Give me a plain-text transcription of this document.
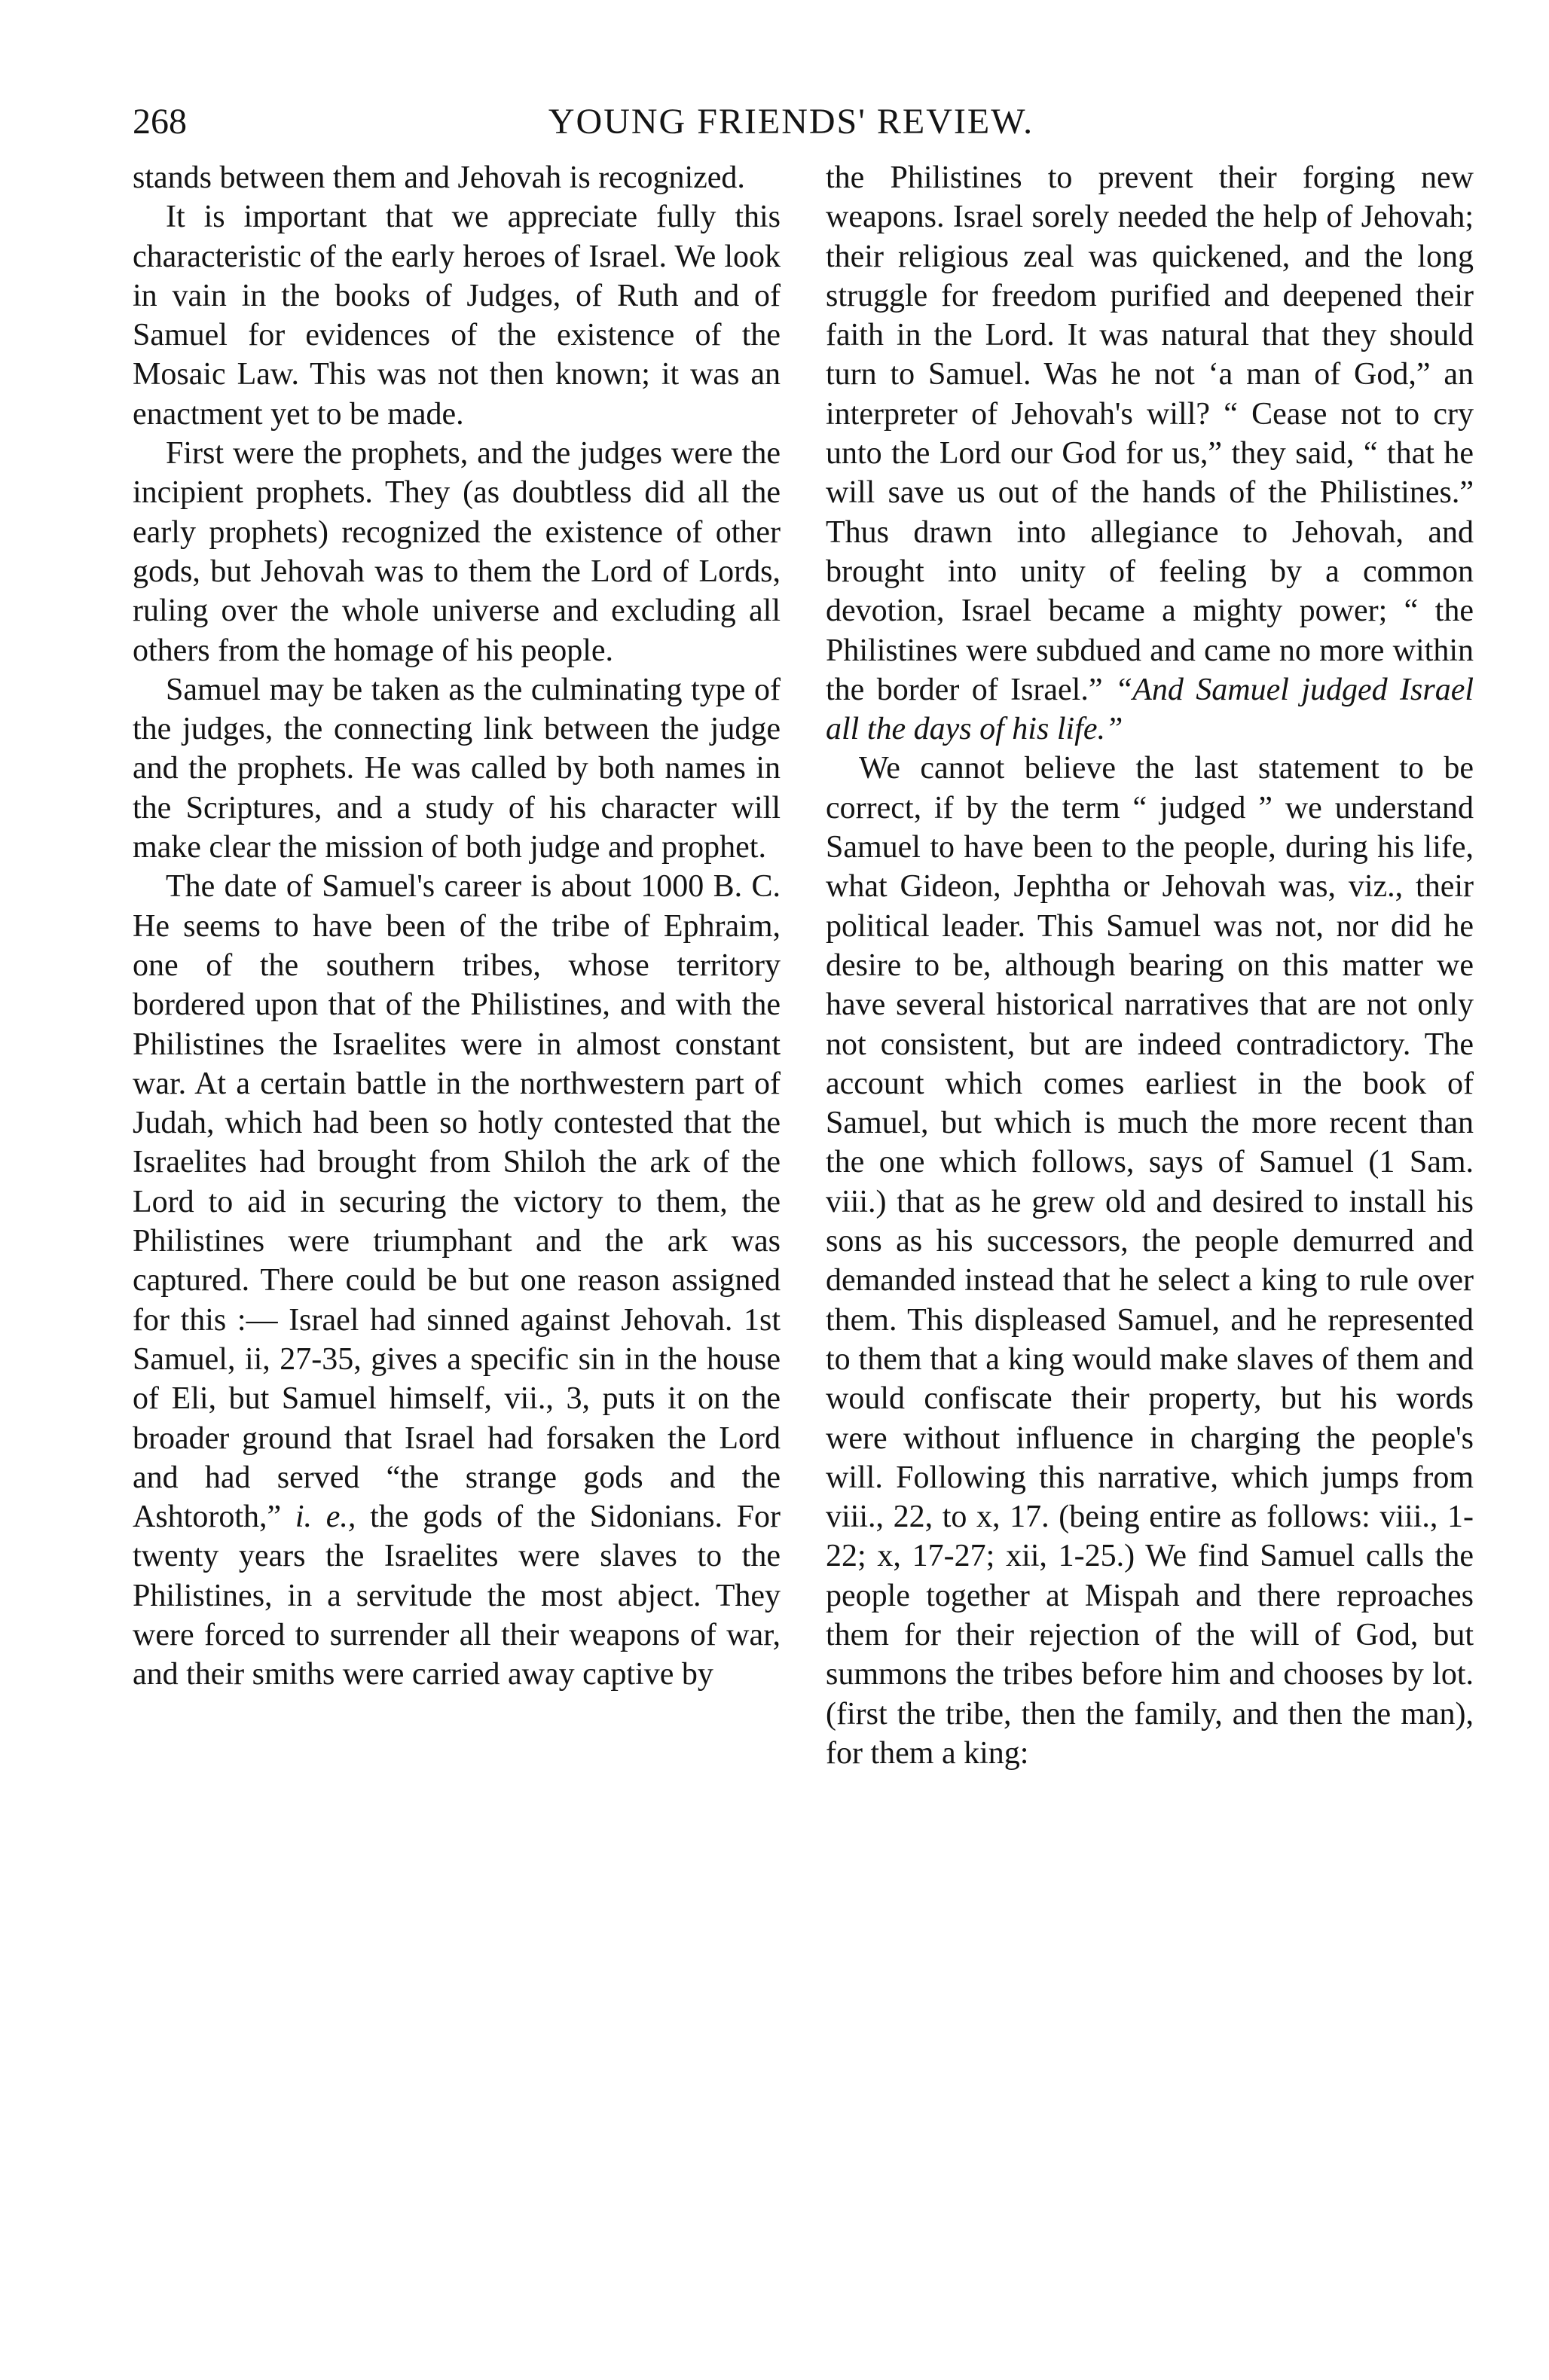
268	YOUNG FRIENDS' REVIEW.

stands between them and Jehovah is recognized.

It is important that we appreciate fully this characteristic of the early heroes of Israel. We look in vain in the books of Judges, of Ruth and of Samuel for evidences of the existence of the Mosaic Law. This was not then known; it was an enactment yet to be made.

First were the prophets, and the judges were the incipient prophets. They (as doubtless did all the early prophets) recognized the existence of other gods, but Jehovah was to them the Lord of Lords, ruling over the whole universe and excluding all others from the homage of his people.

Samuel may be taken as the culminating type of the judges, the connecting link between the judge and the prophets. He was called by both names in the Scriptures, and a study of his character will make clear the mission of both judge and prophet.

The date of Samuel's career is about 1000 B. C. He seems to have been of the tribe of Ephraim, one of the southern tribes, whose territory bordered upon that of the Philistines, and with the Philistines the Israelites were in almost constant war. At a certain battle in the northwestern part of Judah, which had been so hotly contested that the Israelites had brought from Shiloh the ark of the Lord to aid in securing the victory to them, the Philistines were triumphant and the ark was captured. There could be but one reason assigned for this :— Israel had sinned against Jehovah. 1st Samuel, ii, 27-35, gives a specific sin in the house of Eli, but Samuel himself, vii., 3, puts it on the broader ground that Israel had forsaken the Lord and had served “the strange gods and the Ashtoroth,” i. e., the gods of the Sidonians. For twenty years the Israelites were slaves to the Philistines, in a servitude the most abject. They were forced to surrender all their weapons of war, and their smiths were carried away captive by

the Philistines to prevent their forging new weapons. Israel sorely needed the help of Jehovah; their religious zeal was quickened, and the long struggle for freedom purified and deepened their faith in the Lord. It was natural that they should turn to Samuel. Was he not ‘a man of God,” an interpreter of Jehovah's will? “ Cease not to cry unto the Lord our God for us,” they said, “ that he will save us out of the hands of the Philistines.” Thus drawn into allegiance to Jehovah, and brought into unity of feeling by a common devotion, Israel became a mighty power; “ the Philistines were subdued and came no more within the border of Israel.” “And Samuel judged Israel all the days of his life.”

We cannot believe the last statement to be correct, if by the term “ judged ” we understand Samuel to have been to the people, during his life, what Gideon, Jephtha or Jehovah was, viz., their political leader. This Samuel was not, nor did he desire to be, although bearing on this matter we have several historical narratives that are not only not consistent, but are indeed contradictory. The account which comes earliest in the book of Samuel, but which is much the more recent than the one which follows, says of Samuel (1 Sam. viii.) that as he grew old and desired to install his sons as his successors, the people demurred and demanded instead that he select a king to rule over them. This displeased Samuel, and he represented to them that a king would make slaves of them and would confiscate their property, but his words were without influence in charging the people's will. Following this narrative, which jumps from viii., 22, to x, 17. (being entire as follows: viii., 1-22; x, 17-27; xii, 1-25.) We find Samuel calls the people together at Mispah and there reproaches them for their rejection of the will of God, but summons the tribes before him and chooses by lot. (first the tribe, then the family, and then the man), for them a king:
